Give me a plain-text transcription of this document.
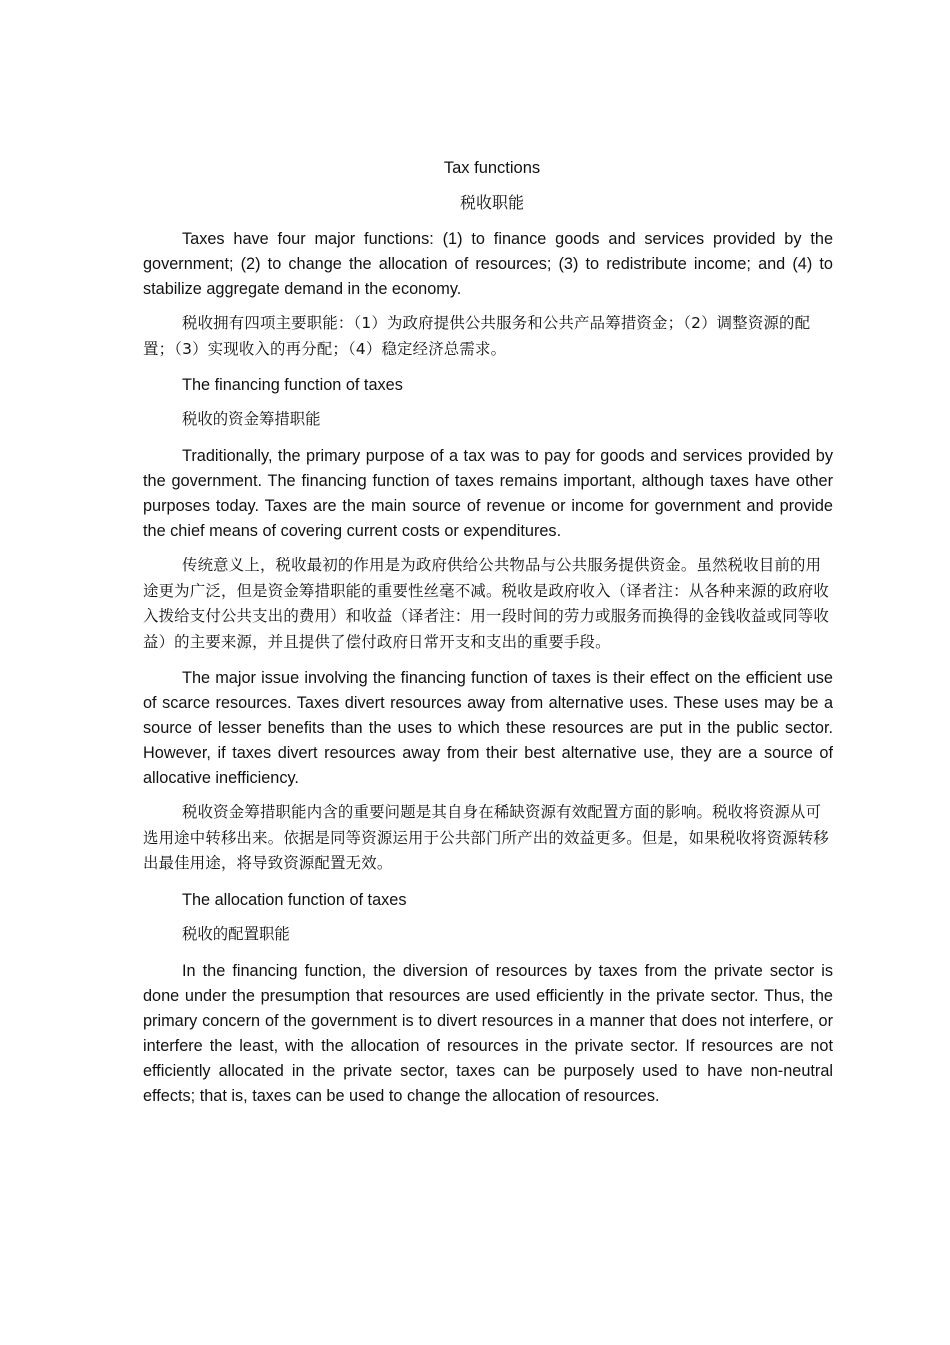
Tax functions
税收职能

Taxes have four major functions: (1) to finance goods and services provided by the government; (2) to change the allocation of resources; (3) to redistribute income; and (4) to stabilize aggregate demand in the economy.

税收拥有四项主要职能：（1）为政府提供公共服务和公共产品筹措资金；（2）调整资源的配置；（3）实现收入的再分配；（4）稳定经济总需求。

The financing function of taxes

税收的资金筹措职能

Traditionally, the primary purpose of a tax was to pay for goods and services provided by the government. The financing function of taxes remains important, although taxes have other purposes today. Taxes are the main source of revenue or income for government and provide the chief means of covering current costs or expenditures.

传统意义上，税收最初的作用是为政府供给公共物品与公共服务提供资金。虽然税收目前的用途更为广泛，但是资金筹措职能的重要性丝毫不减。税收是政府收入（译者注：从各种来源的政府收入拨给支付公共支出的费用）和收益（译者注：用一段时间的劳力或服务而换得的金钱收益或同等收益）的主要来源，并且提供了偿付政府日常开支和支出的重要手段。

The major issue involving the financing function of taxes is their effect on the efficient use of scarce resources. Taxes divert resources away from alternative uses. These uses may be a source of lesser benefits than the uses to which these resources are put in the public sector. However, if taxes divert resources away from their best alternative use, they are a source of allocative inefficiency.

税收资金筹措职能内含的重要问题是其自身在稀缺资源有效配置方面的影响。税收将资源从可选用途中转移出来。依据是同等资源运用于公共部门所产出的效益更多。但是，如果税收将资源转移出最佳用途，将导致资源配置无效。

The allocation function of taxes

税收的配置职能

In the financing function, the diversion of resources by taxes from the private sector is done under the presumption that resources are used efficiently in the private sector. Thus, the primary concern of the government is to divert resources in a manner that does not interfere, or interfere the least, with the allocation of resources in the private sector. If resources are not efficiently allocated in the private sector, taxes can be purposely used to have non-neutral effects; that is, taxes can be used to change the allocation of resources.
